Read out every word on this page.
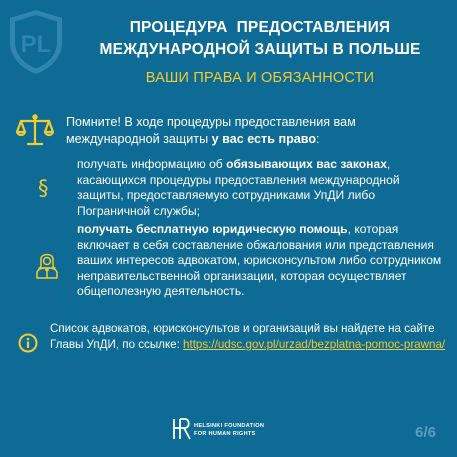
PL
ПРОЦЕДУРА  ПРЕДОСТАВЛЕНИЯ
МЕЖДУНАРОДНОЙ ЗАЩИТЫ В ПОЛЬШЕ
ВАШИ ПРАВА И ОБЯЗАННОСТИ
Помните! В ходе процедуры предоставления вам международной защиты у вас есть право:
§
получать информацию об обязывающих вас законах, касающихся процедуры предоставления международной защиты, предоставляемую сотрудниками УпДИ либо Пограничной службы;
получать бесплатную юридическую помощь, которая включает в себя составление обжалования или представления ваших интересов адвокатом, юрисконсультом либо сотрудником неправительственной организации, которая осуществляет общеполезную деятельность.
Список адвокатов, юрисконсультов и организаций вы найдете на сайте Главы УпДИ, по ссылке: https://udsc.gov.pl/urzad/bezplatna-pomoc-prawna/
HELSINKI FOUNDATION
FOR HUMAN RIGHTS	6/6
